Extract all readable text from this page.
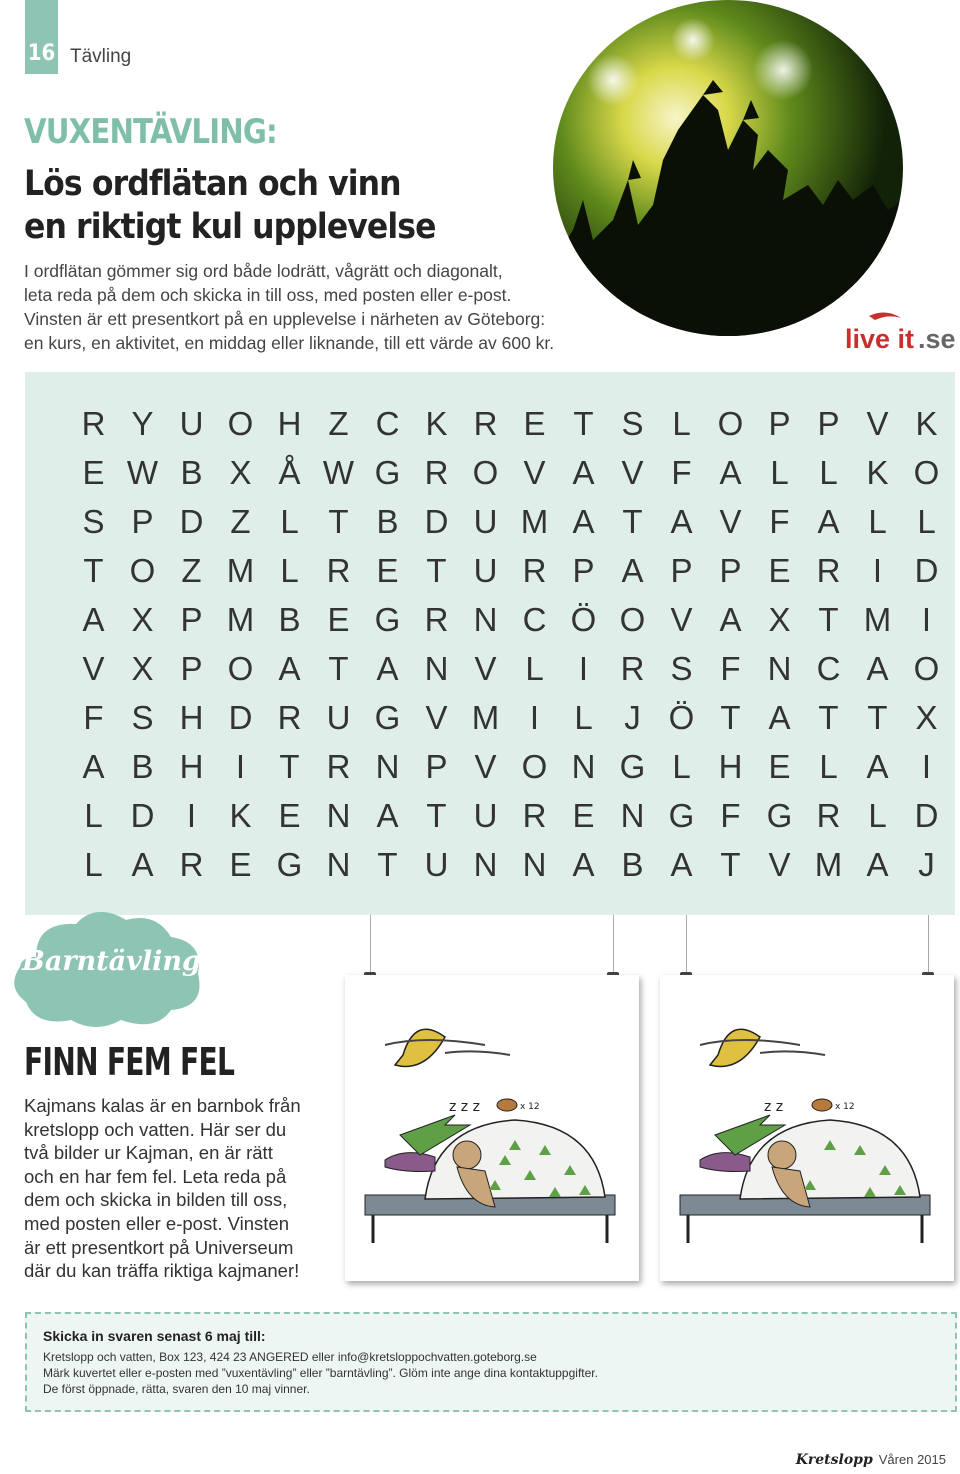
16 Tävling
VUXENTÄVLING:
Lös ordflätan och vinn
en riktigt kul upplevelse
I ordflätan gömmer sig ord både lodrätt, vågrätt och diagonalt,
leta reda på dem och skicka in till oss, med posten eller e-post.
Vinsten är ett presentkort på en upplevelse i närheten av Göteborg:
en kurs, en aktivitet, en middag eller liknande, till ett värde av 600 kr.	live it .se
R Y U O H Z C K R E T S L O P P V K
E W B X Å W G R O V A V F A L L K O
S P D Z L T B D U M A T A V F A L L
T O Z M L R E T U R P A P P E R I D
A X P M B E G R N C Ö O V A X T M I
V X P O A T A N V L	I R S F N C A O
F S H D R U G V M I	L J Ö T A T T X
A B H I	T R N P V O N G L H E L A	I
L D I	K E N A T U R E N G F G R L D
L A R E G N T U N N A B A T V M A J
Barntävling!
FINN FEM FEL
Kajmans kalas är en barnbok från
kretslopp och vatten. Här ser du
två bilder ur Kajman, en är rätt
och en har fem fel. Leta reda på
dem och skicka in bilden till oss,
med posten eller e-post. Vinsten
är ett presentkort på Universeum
där du kan träffa riktiga kajmaner!
z z z	x 12	z z	x 12
Skicka in svaren senast 6 maj till:
Kretslopp och vatten, Box 123, 424 23 ANGERED eller info@kretsloppochvatten.goteborg.se
Märk kuvertet eller e-posten med ”vuxentävling” eller ”barntävling”. Glöm inte ange dina kontaktuppgifter.
De först öppnade, rätta, svaren den 10 maj vinner.
Kretslopp Våren 2015
